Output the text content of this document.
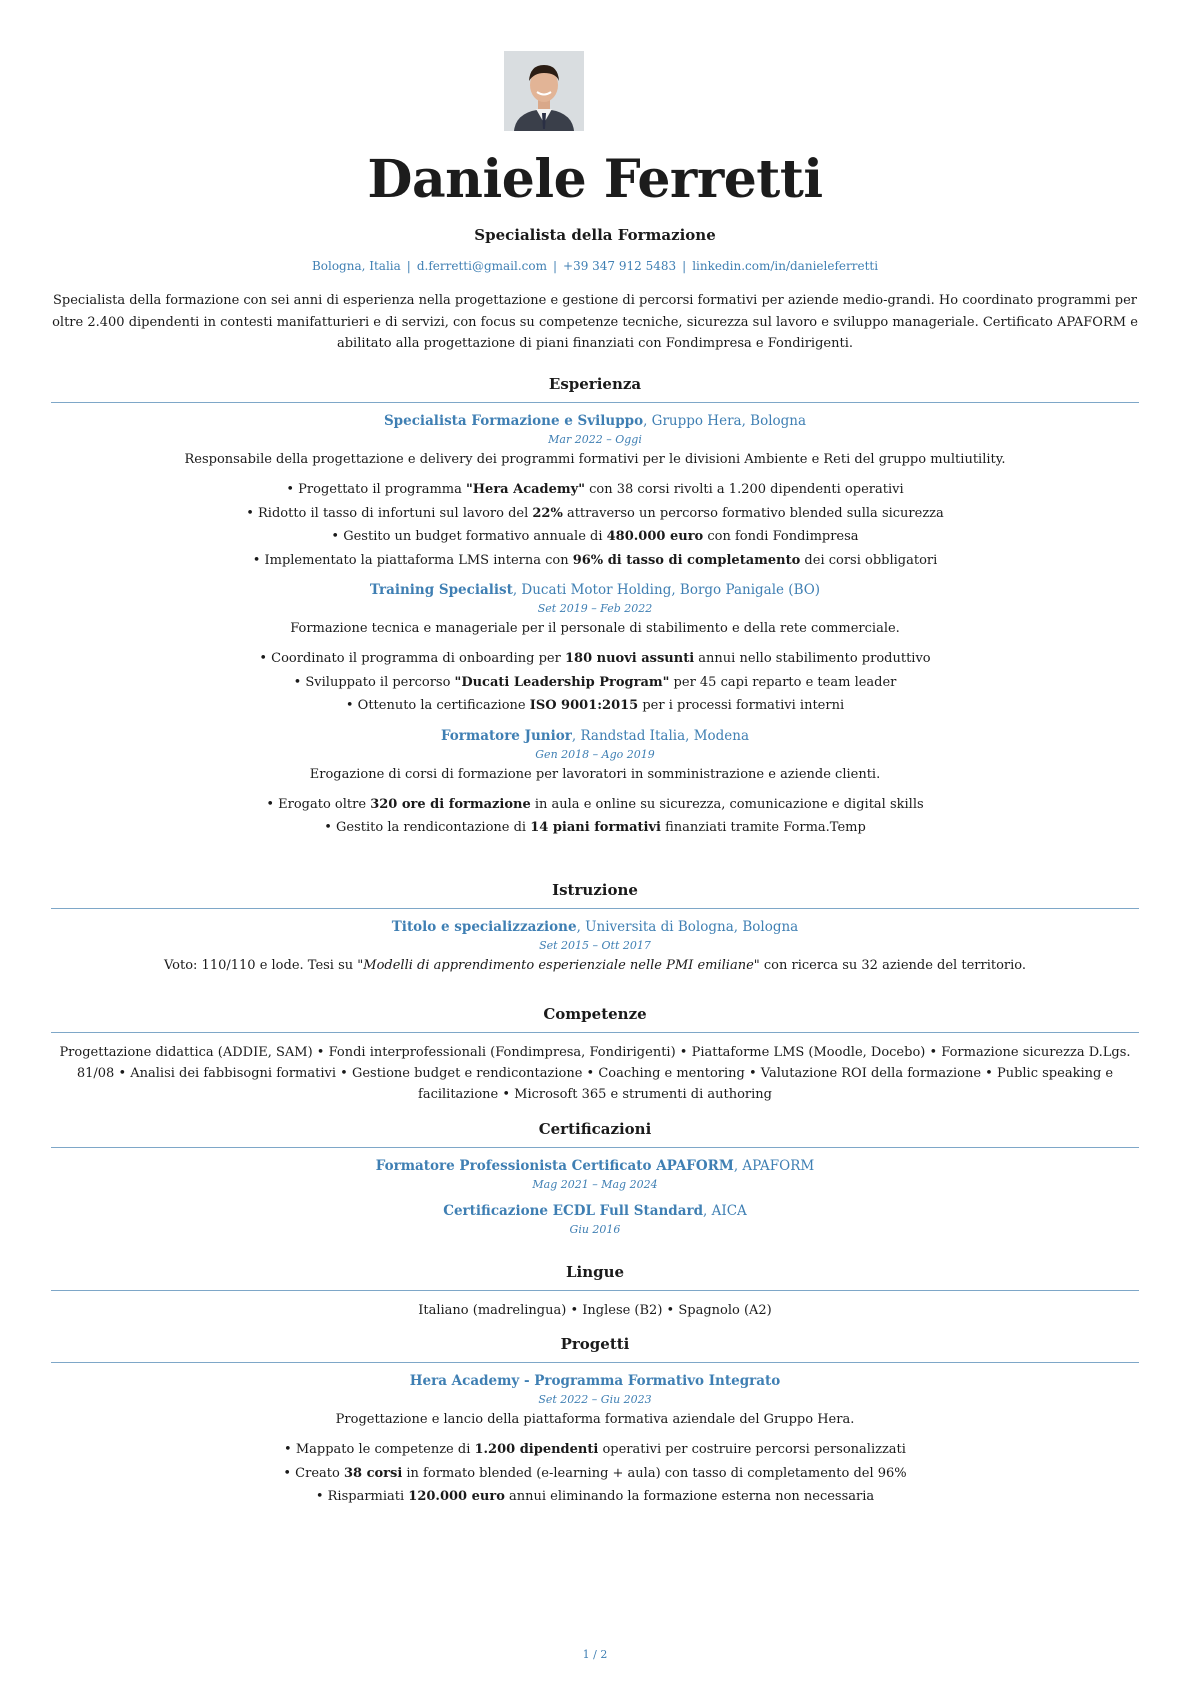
Daniele Ferretti
Specialista della Formazione
Bologna, Italia | d.ferretti@gmail.com | +39 347 912 5483 | linkedin.com/in/danieleferretti
Specialista della formazione con sei anni di esperienza nella progettazione e gestione di percorsi formativi per aziende medio-grandi. Ho coordinato programmi per oltre 2.400 dipendenti in contesti manifatturieri e di servizi, con focus su competenze tecniche, sicurezza sul lavoro e sviluppo manageriale. Certificato APAFORM e abilitato alla progettazione di piani finanziati con Fondimpresa e Fondirigenti.
Esperienza
Specialista Formazione e Sviluppo, Gruppo Hera, Bologna
Mar 2022 – Oggi
Responsabile della progettazione e delivery dei programmi formativi per le divisioni Ambiente e Reti del gruppo multiutility.
• Progettato il programma "Hera Academy" con 38 corsi rivolti a 1.200 dipendenti operativi
• Ridotto il tasso di infortuni sul lavoro del 22% attraverso un percorso formativo blended sulla sicurezza
• Gestito un budget formativo annuale di 480.000 euro con fondi Fondimpresa
• Implementato la piattaforma LMS interna con 96% di tasso di completamento dei corsi obbligatori
Training Specialist, Ducati Motor Holding, Borgo Panigale (BO)
Set 2019 – Feb 2022
Formazione tecnica e manageriale per il personale di stabilimento e della rete commerciale.
• Coordinato il programma di onboarding per 180 nuovi assunti annui nello stabilimento produttivo
• Sviluppato il percorso "Ducati Leadership Program" per 45 capi reparto e team leader
• Ottenuto la certificazione ISO 9001:2015 per i processi formativi interni
Formatore Junior, Randstad Italia, Modena
Gen 2018 – Ago 2019
Erogazione di corsi di formazione per lavoratori in somministrazione e aziende clienti.
• Erogato oltre 320 ore di formazione in aula e online su sicurezza, comunicazione e digital skills
• Gestito la rendicontazione di 14 piani formativi finanziati tramite Forma.Temp
Istruzione
Titolo e specializzazione, Universita di Bologna, Bologna
Set 2015 – Ott 2017
Voto: 110/110 e lode. Tesi su "Modelli di apprendimento esperienziale nelle PMI emiliane" con ricerca su 32 aziende del territorio.
Competenze
Progettazione didattica (ADDIE, SAM) • Fondi interprofessionali (Fondimpresa, Fondirigenti) • Piattaforme LMS (Moodle, Docebo) • Formazione sicurezza D.Lgs. 81/08 • Analisi dei fabbisogni formativi • Gestione budget e rendicontazione • Coaching e mentoring • Valutazione ROI della formazione • Public speaking e facilitazione • Microsoft 365 e strumenti di authoring
Certificazioni
Formatore Professionista Certificato APAFORM, APAFORM
Mag 2021 – Mag 2024
Certificazione ECDL Full Standard, AICA
Giu 2016
Lingue
Italiano (madrelingua) • Inglese (B2) • Spagnolo (A2)
Progetti
Hera Academy - Programma Formativo Integrato
Set 2022 – Giu 2023
Progettazione e lancio della piattaforma formativa aziendale del Gruppo Hera.
• Mappato le competenze di 1.200 dipendenti operativi per costruire percorsi personalizzati
• Creato 38 corsi in formato blended (e-learning + aula) con tasso di completamento del 96%
• Risparmiati 120.000 euro annui eliminando la formazione esterna non necessaria
1 / 2
